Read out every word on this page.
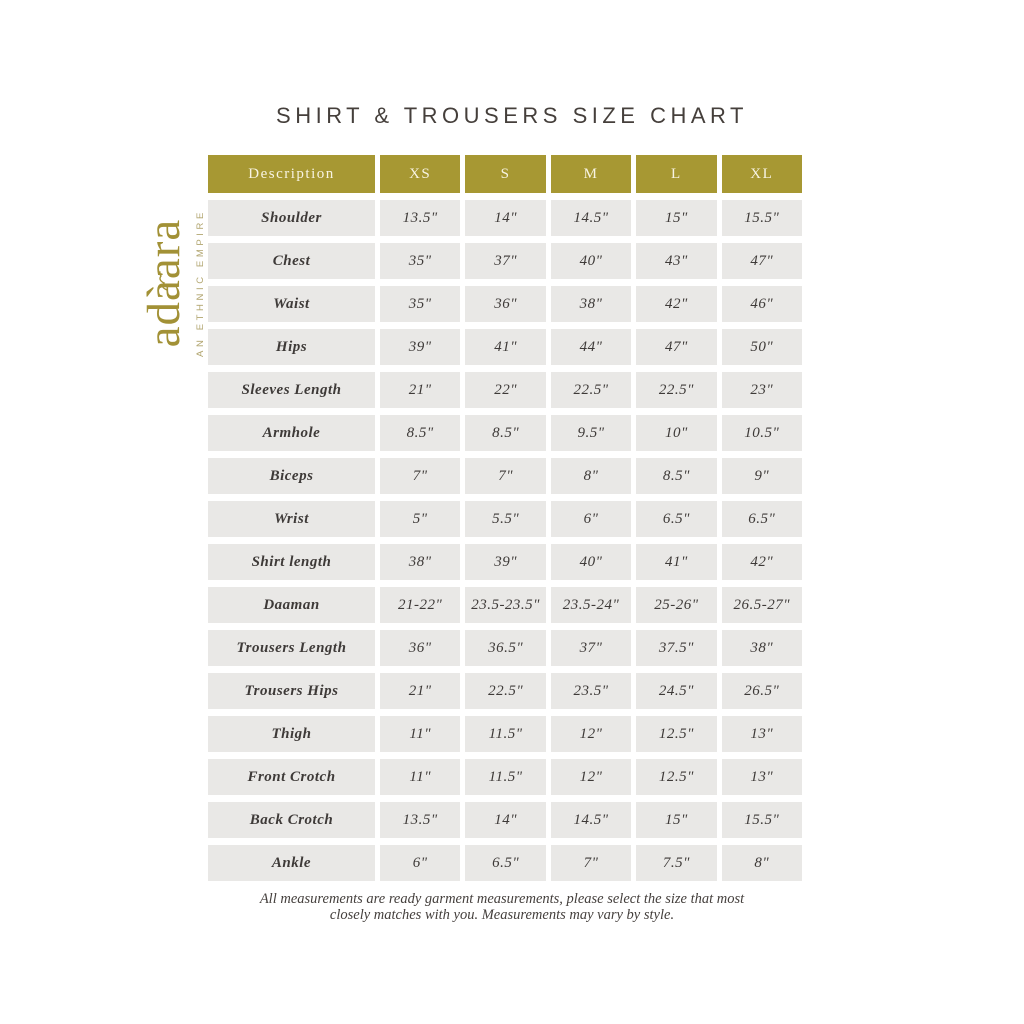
SHIRT & TROUSERS SIZE CHART
adàara AN ETHNIC EMPIRE
Description	XS	S	M	L	XL
Shoulder	13.5"	14"	14.5"	15"	15.5"
Chest	35"	37"	40"	43"	47"
Waist	35"	36"	38"	42"	46"
Hips	39"	41"	44"	47"	50"
Sleeves Length	21"	22"	22.5"	22.5"	23"
Armhole	8.5"	8.5"	9.5"	10"	10.5"
Biceps	7"	7"	8"	8.5"	9"
Wrist	5"	5.5"	6"	6.5"	6.5"
Shirt length	38"	39"	40"	41"	42"
Daaman	21-22"	23.5-23.5"	23.5-24"	25-26"	26.5-27"
Trousers Length	36"	36.5"	37"	37.5"	38"
Trousers Hips	21"	22.5"	23.5"	24.5"	26.5"
Thigh	11"	11.5"	12"	12.5"	13"
Front Crotch	11"	11.5"	12"	12.5"	13"
Back Crotch	13.5"	14"	14.5"	15"	15.5"
Ankle	6"	6.5"	7"	7.5"	8"
All measurements are ready garment measurements, please select the size that most
closely matches with you. Measurements may vary by style.
